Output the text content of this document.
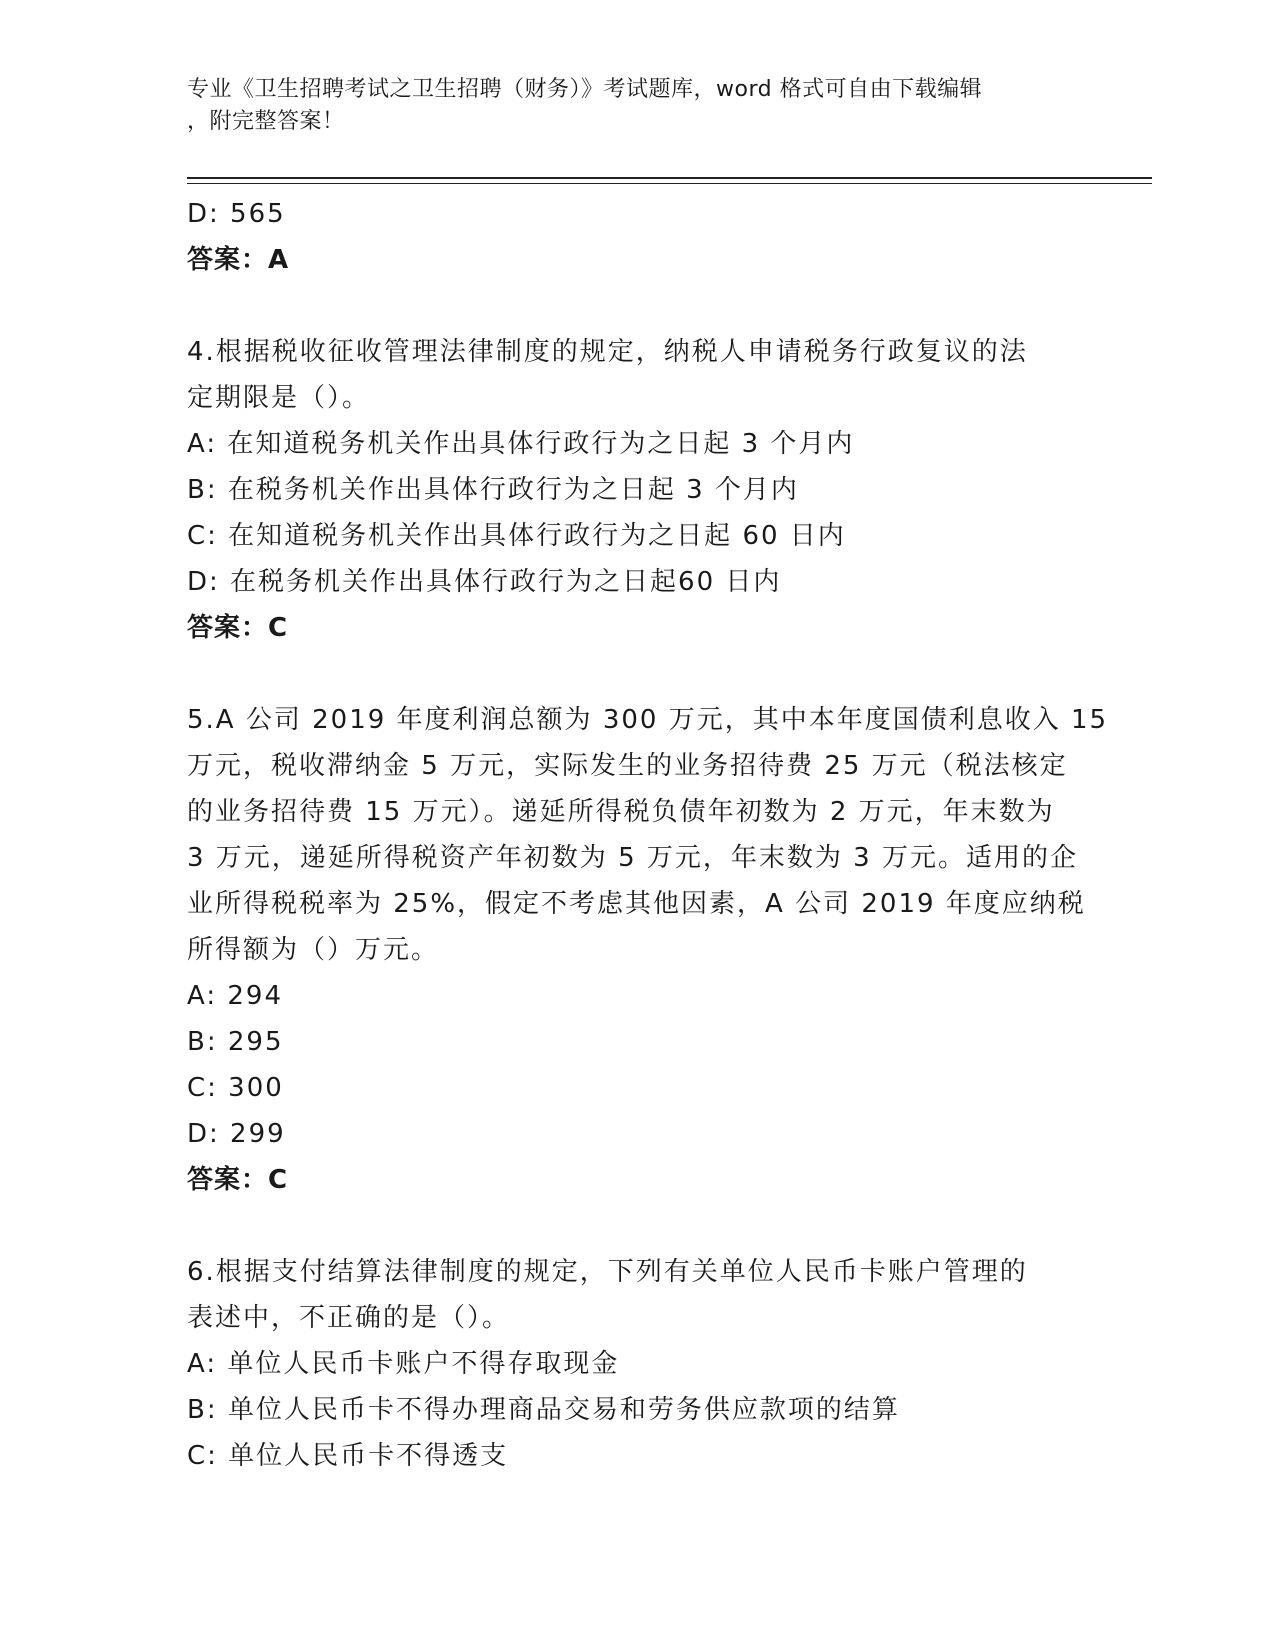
专业《卫生招聘考试之卫生招聘（财务）》考试题库，word 格式可自由下载编辑
，附完整答案！
D: 565
答案：A
4.根据税收征收管理法律制度的规定，纳税人申请税务行政复议的法
定期限是（）。
A: 在知道税务机关作出具体行政行为之日起 3 个月内
B: 在税务机关作出具体行政行为之日起 3 个月内
C: 在知道税务机关作出具体行政行为之日起 60 日内
D: 在税务机关作出具体行政行为之日起60 日内
答案：C
5.A 公司 2019 年度利润总额为 300 万元，其中本年度国债利息收入 15
万元，税收滞纳金 5 万元，实际发生的业务招待费 25 万元（税法核定
的业务招待费 15 万元）。递延所得税负债年初数为 2 万元，年末数为
3 万元，递延所得税资产年初数为 5 万元，年末数为 3 万元。适用的企
业所得税税率为 25%，假定不考虑其他因素，A 公司 2019 年度应纳税
所得额为（）万元。
A: 294
B: 295
C: 300
D: 299
答案：C
6.根据支付结算法律制度的规定，下列有关单位人民币卡账户管理的
表述中，不正确的是（）。
A: 单位人民币卡账户不得存取现金
B: 单位人民币卡不得办理商品交易和劳务供应款项的结算
C: 单位人民币卡不得透支
